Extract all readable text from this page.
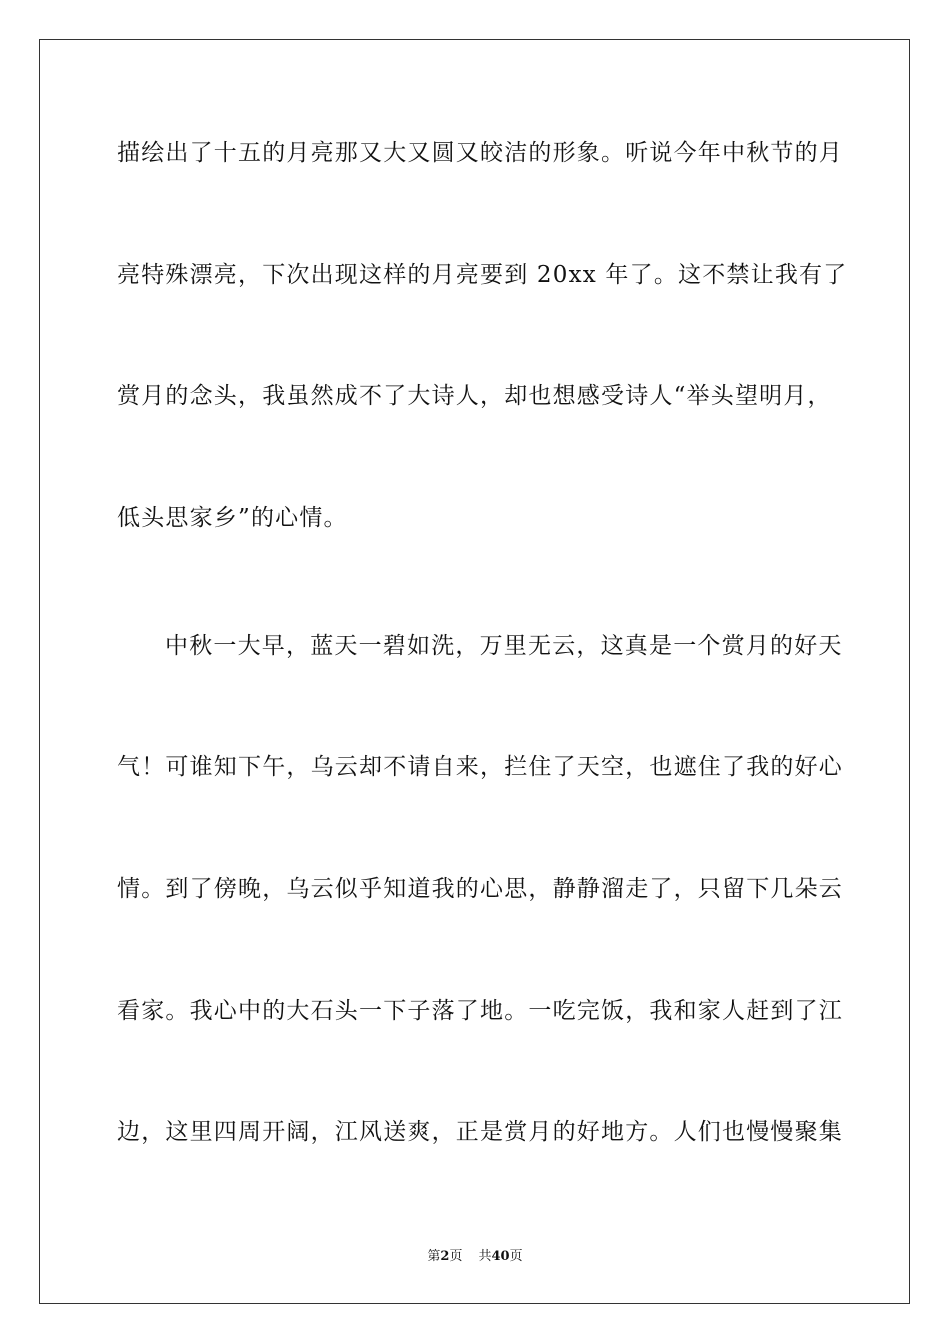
描绘出了十五的月亮那又大又圆又皎洁的形象。听说今年中秋节的月
亮特殊漂亮，下次出现这样的月亮要到 20xx 年了。这不禁让我有了
赏月的念头，我虽然成不了大诗人，却也想感受诗人“举头望明月，
低头思家乡”的心情。
中秋一大早，蓝天一碧如洗，万里无云，这真是一个赏月的好天
气！可谁知下午，乌云却不请自来，拦住了天空，也遮住了我的好心
情。到了傍晚，乌云似乎知道我的心思，静静溜走了，只留下几朵云
看家。我心中的大石头一下子落了地。一吃完饭，我和家人赶到了江
边，这里四周开阔，江风送爽，正是赏月的好地方。人们也慢慢聚集
第2页 共40页
